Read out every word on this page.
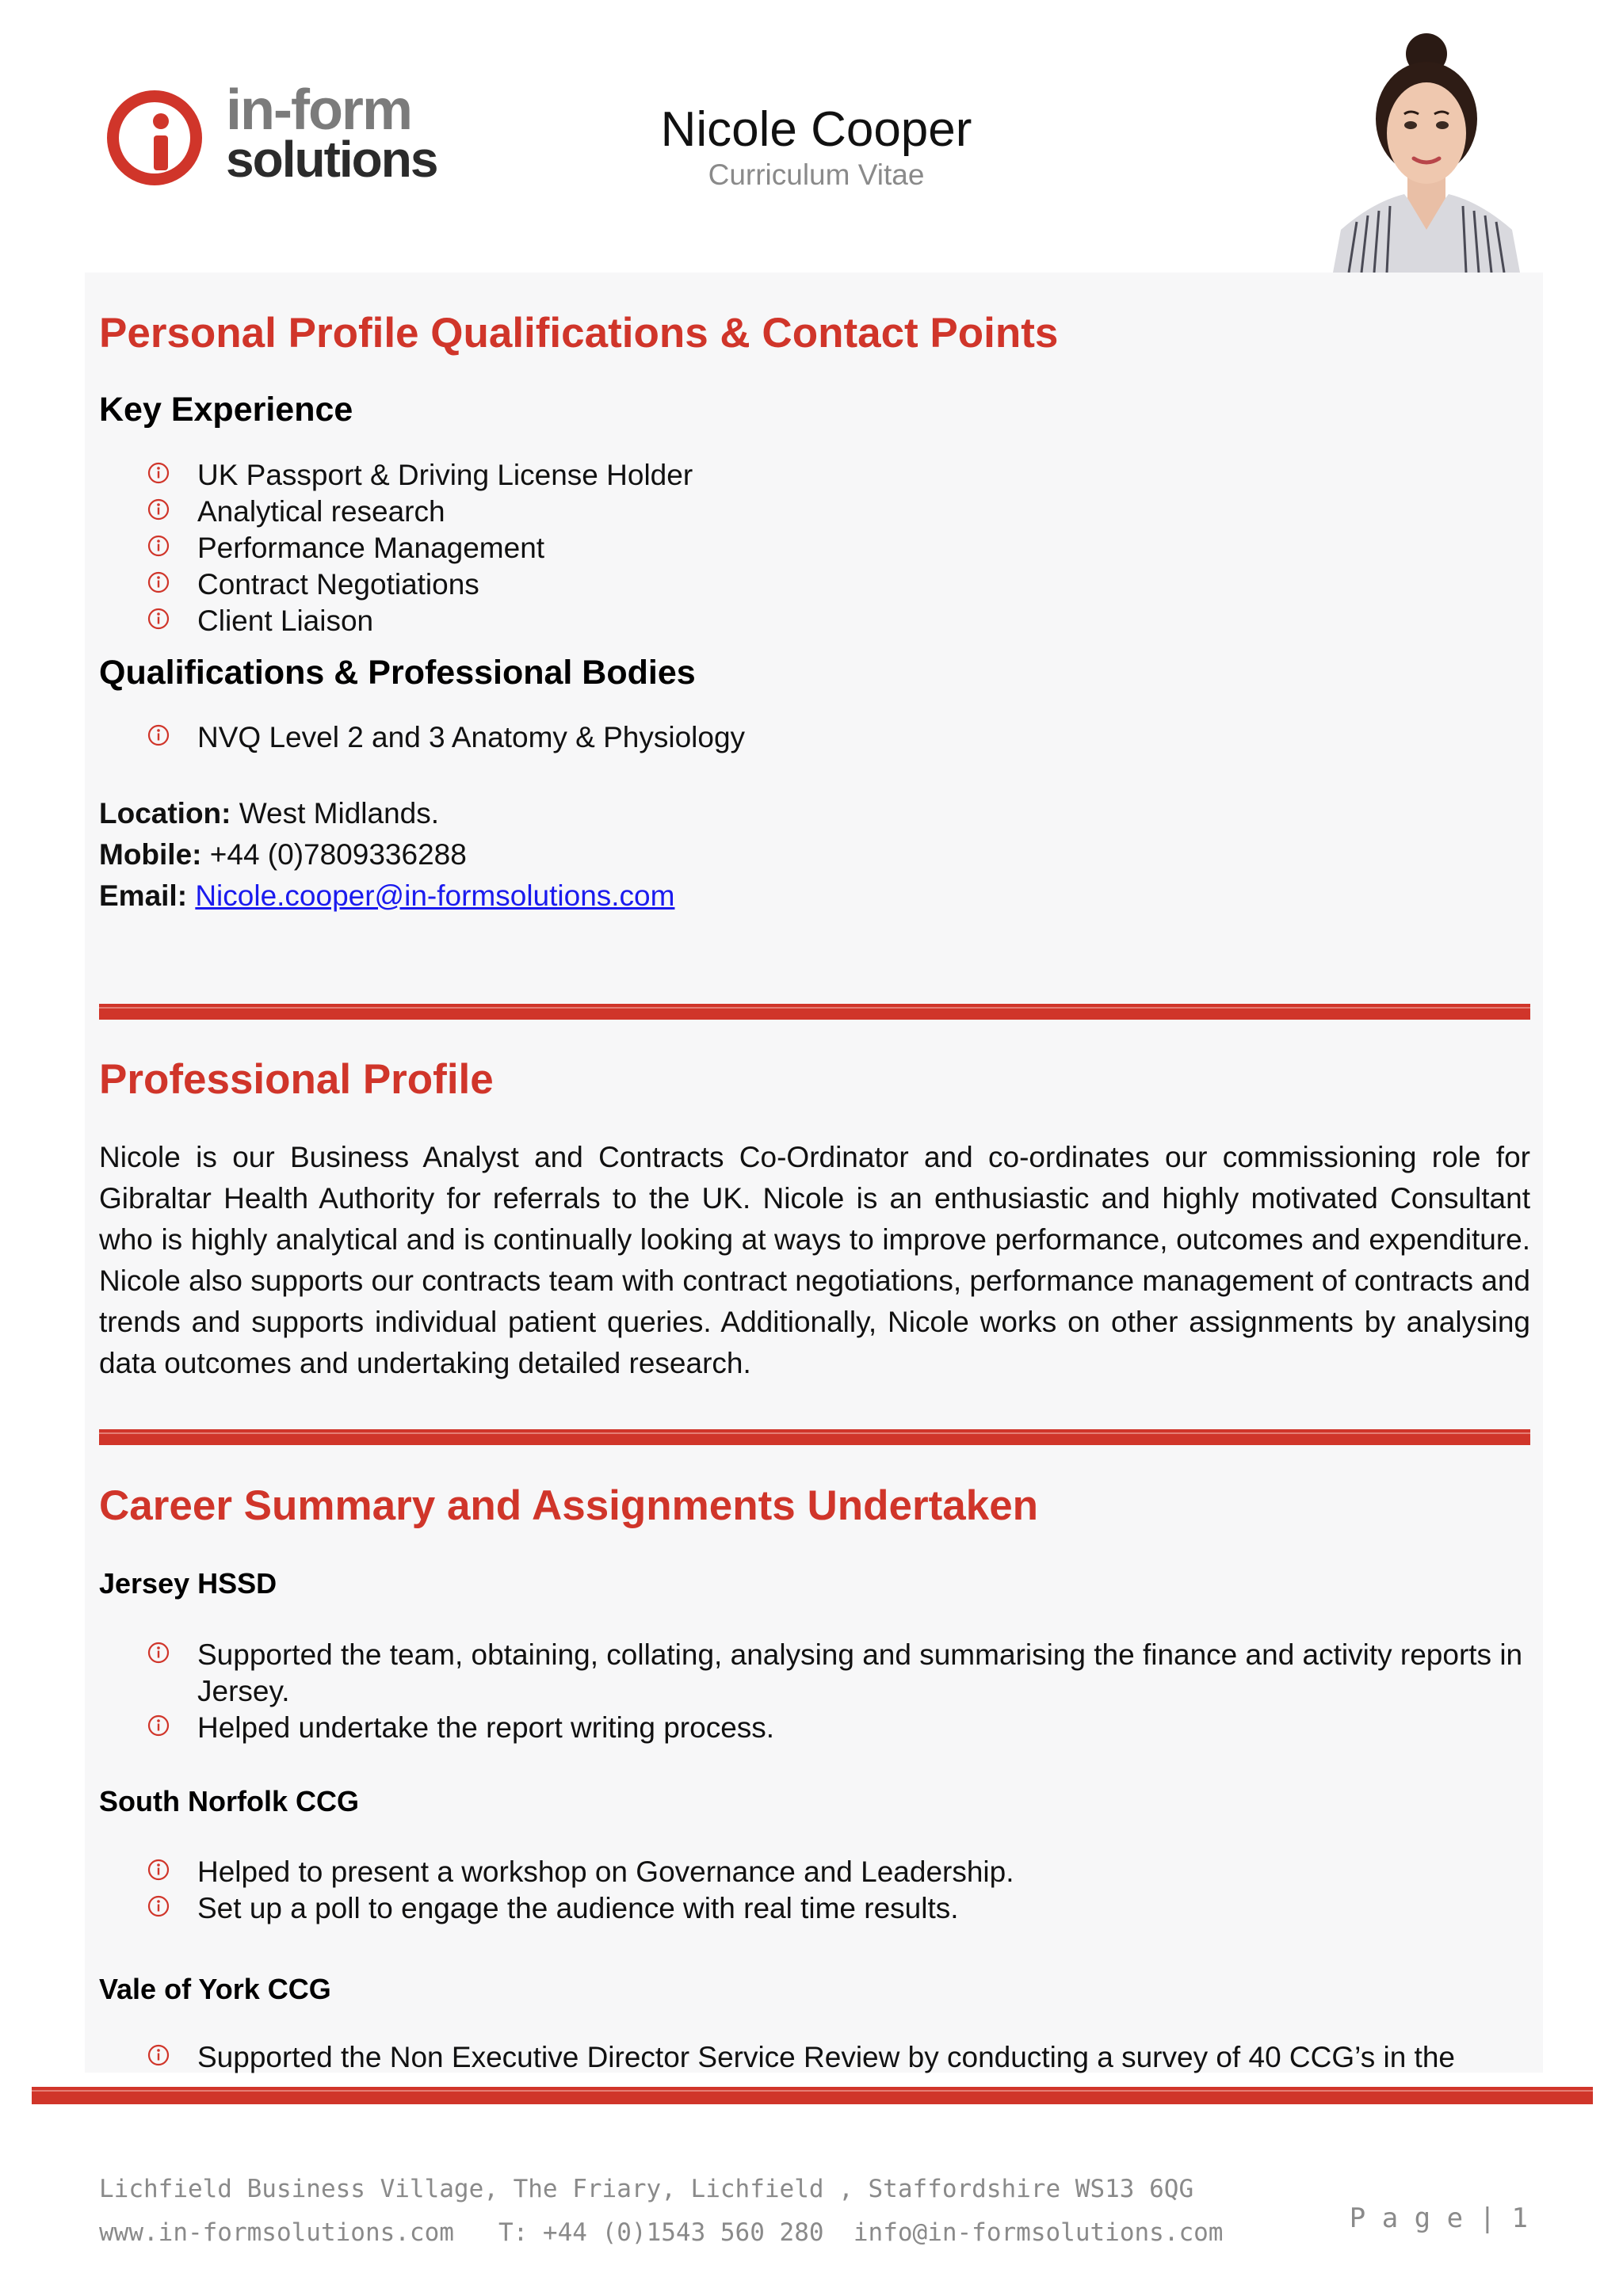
in-form
solutions
Nicole Cooper
Curriculum Vitae
Personal Profile Qualifications & Contact Points
Key Experience
UK Passport & Driving License Holder
Analytical research
Performance Management
Contract Negotiations
Client Liaison
Qualifications & Professional Bodies
NVQ Level 2 and 3 Anatomy & Physiology
Location: West Midlands.
Mobile: +44 (0)7809336288
Email: Nicole.cooper@in-formsolutions.com
Professional Profile

Nicole is our Business Analyst and Contracts Co-Ordinator and co-ordinates our commissioning role for Gibraltar Health Authority for referrals to the UK. Nicole is an enthusiastic and highly motivated Consultant who is highly analytical and is continually looking at ways to improve performance, outcomes and expenditure. Nicole also supports our contracts team with contract negotiations, performance management of contracts and trends and supports individual patient queries. Additionally, Nicole works on other assignments by analysing data outcomes and undertaking detailed research.

Career Summary and Assignments Undertaken
Jersey HSSD
Supported the team, obtaining, collating, analysing and summarising the finance and activity reports in Jersey.
Helped undertake the report writing process.
South Norfolk CCG
Helped to present a workshop on Governance and Leadership.
Set up a poll to engage the audience with real time results.
Vale of York CCG
Supported the Non Executive Director Service Review by conducting a survey of 40 CCG’s in the
Lichfield Business Village, The Friary, Lichfield , Staffordshire WS13 6QG
www.in-formsolutions.com T: +44 (0)1543 560 280 info@in-formsolutions.com	P a g e | 1
